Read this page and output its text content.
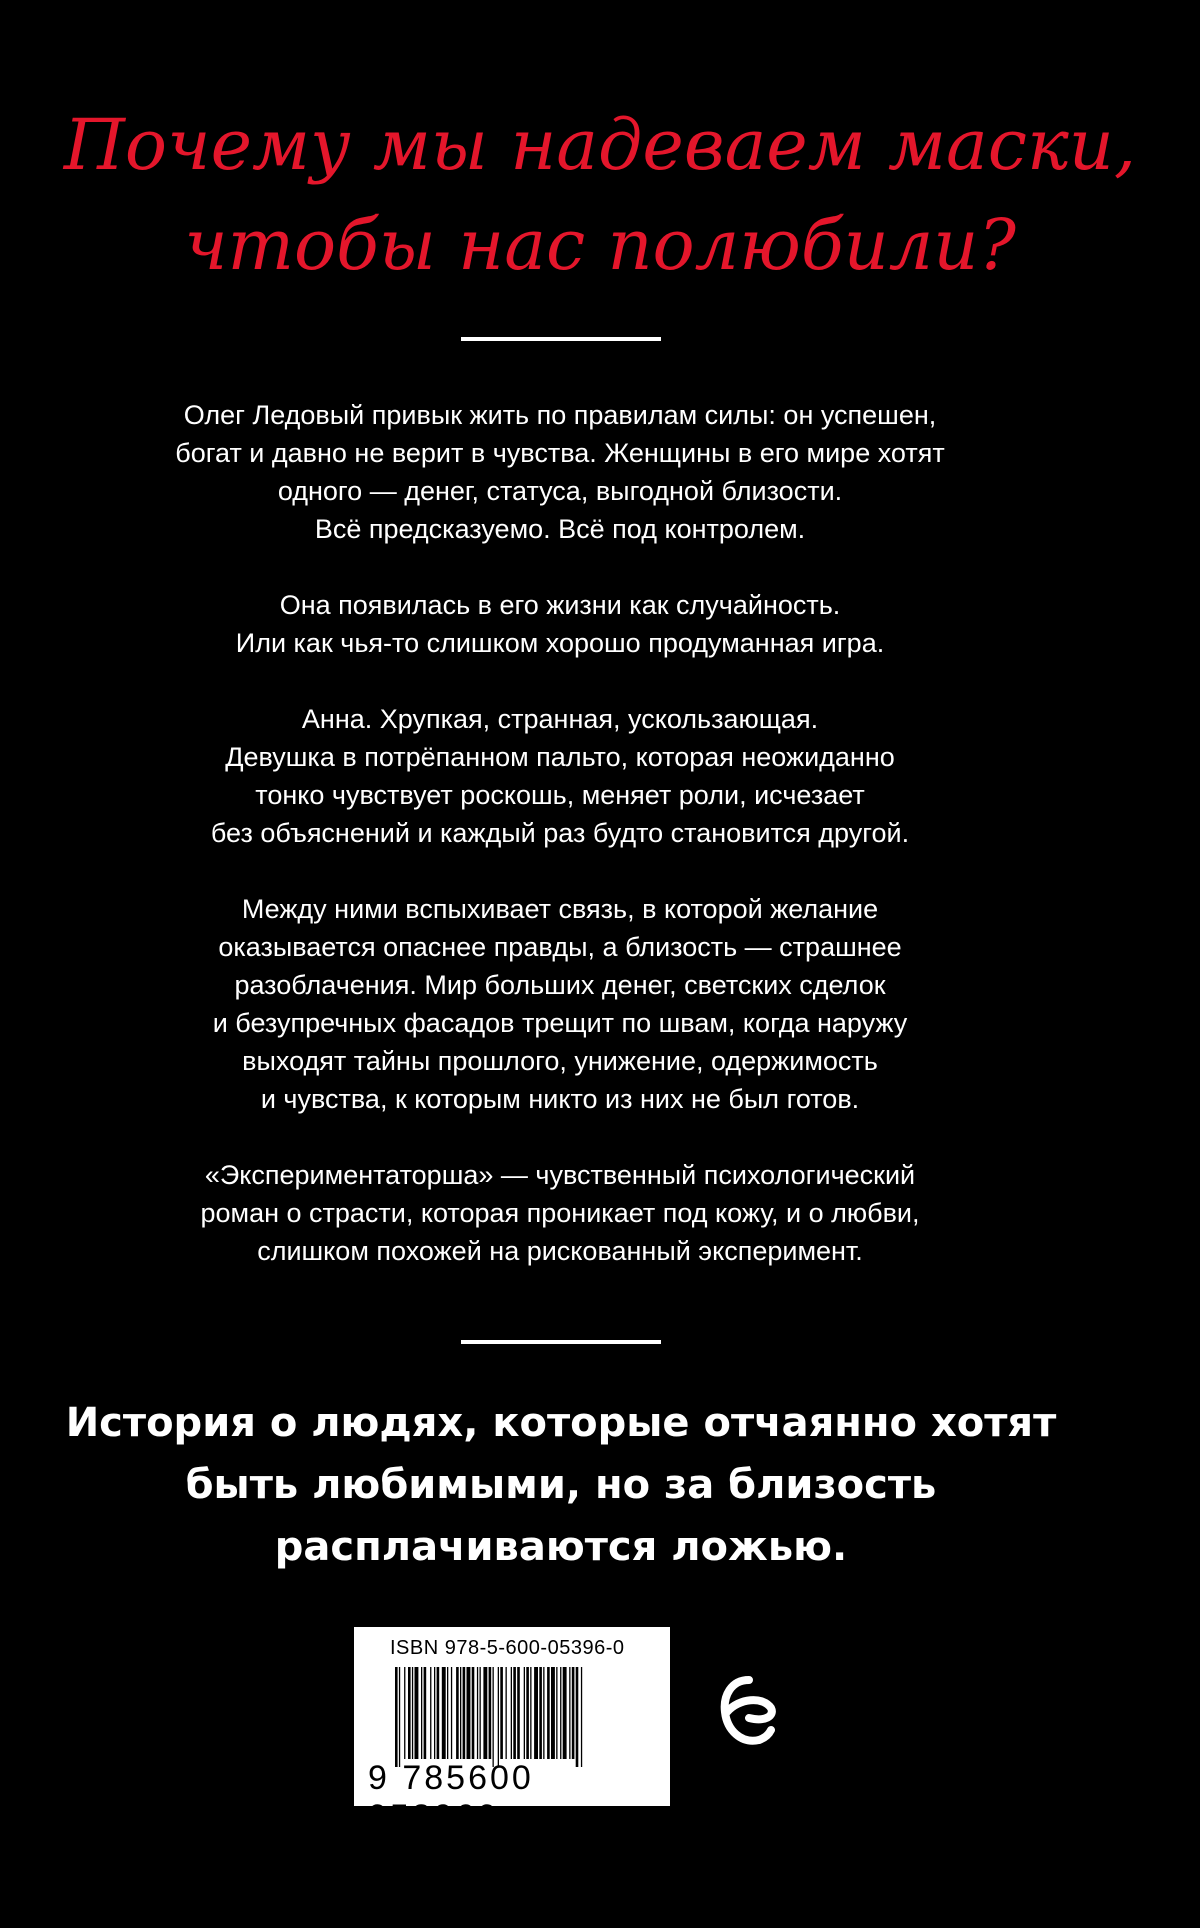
Почему мы надеваем маски,
чтобы нас полюбили?

Олег Ледовый привык жить по правилам силы: он успешен,
богат и давно не верит в чувства. Женщины в его мире хотят
одного — денег, статуса, выгодной близости.
Всё предсказуемо. Всё под контролем.

Она появилась в его жизни как случайность.
Или как чья-то слишком хорошо продуманная игра.

Анна. Хрупкая, странная, ускользающая.
Девушка в потрёпанном пальто, которая неожиданно
тонко чувствует роскошь, меняет роли, исчезает
без объяснений и каждый раз будто становится другой.

Между ними вспыхивает связь, в которой желание
оказывается опаснее правды, а близость — страшнее
разоблачения. Мир больших денег, светских сделок
и безупречных фасадов трещит по швам, когда наружу
выходят тайны прошлого, унижение, одержимость
и чувства, к которым никто из них не был готов.

«Экспериментаторша» — чувственный психологический
роман о страсти, которая проникает под кожу, и о любви,
слишком похожей на рискованный эксперимент.

История о людях, которые отчаянно хотят
быть любимыми, но за близость
расплачиваются ложью.
ISBN 978-5-600-05396-0
9 785600 053960 >
